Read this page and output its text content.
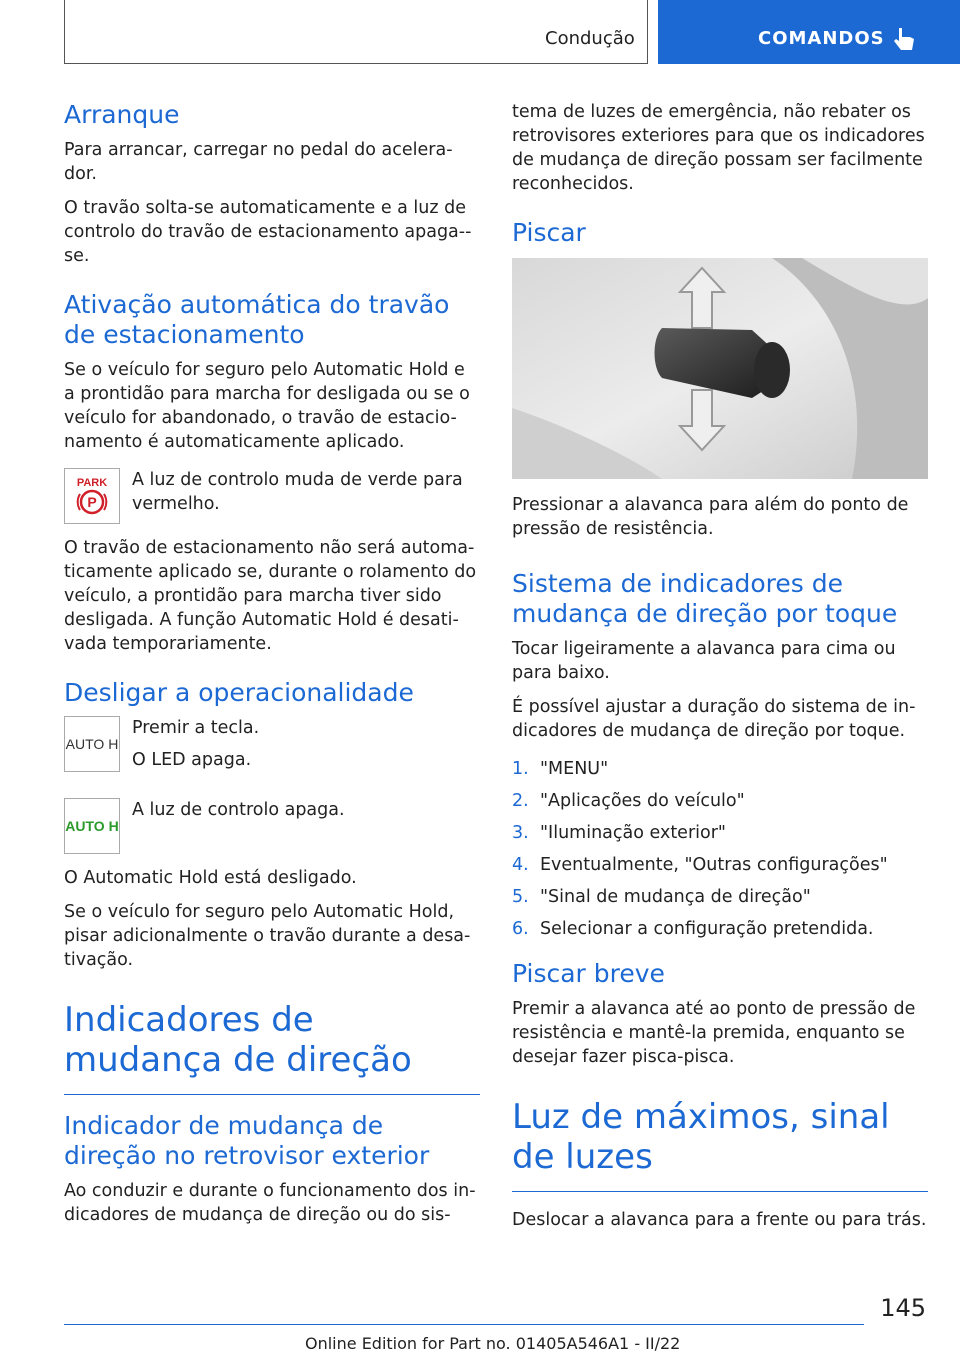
Condução	COMANDOS
Arranque

Para arrancar, carregar no pedal do acelera-dor.

O travão solta-se automaticamente e a luz de controlo do travão de estacionamento apaga--se.

Ativação automática do travão de estacionamento

Se o veículo for seguro pelo Automatic Hold e a prontidão para marcha for desligada ou se o veículo for abandonado, o travão de estacio-namento é automaticamente aplicado.

PARK
P

A luz de controlo muda de verde para vermelho.

O travão de estacionamento não será automa-ticamente aplicado se, durante o rolamento do veículo, a prontidão para marcha tiver sido desligada. A função Automatic Hold é desati-vada temporariamente.

Desligar a operacionalidade
AUTO H

Premir a tecla.

O LED apaga.

AUTO H

A luz de controlo apaga.

O Automatic Hold está desligado.

Se o veículo for seguro pelo Automatic Hold, pisar adicionalmente o travão durante a desa-tivação.

Indicadores de mudança de direção
Indicador de mudança de direção no retrovisor exterior

Ao conduzir e durante o funcionamento dos in-dicadores de mudança de direção ou do sis-

tema de luzes de emergência, não rebater os retrovisores exteriores para que os indicadores de mudança de direção possam ser facilmente reconhecidos.

Piscar

Pressionar a alavanca para além do ponto de pressão de resistência.

Sistema de indicadores de mudança de direção por toque

Tocar ligeiramente a alavanca para cima ou para baixo.

É possível ajustar a duração do sistema de in-dicadores de mudança de direção por toque.

1. "MENU"
2. "Aplicações do veículo"
3. "Iluminação exterior"
4. Eventualmente, "Outras configurações"
5. "Sinal de mudança de direção"
6. Selecionar a configuração pretendida.
Piscar breve

Premir a alavanca até ao ponto de pressão de resistência e mantê-la premida, enquanto se desejar fazer pisca-pisca.

Luz de máximos, sinal de luzes

Deslocar a alavanca para a frente ou para trás.

145
Online Edition for Part no. 01405A546A1 - II/22
